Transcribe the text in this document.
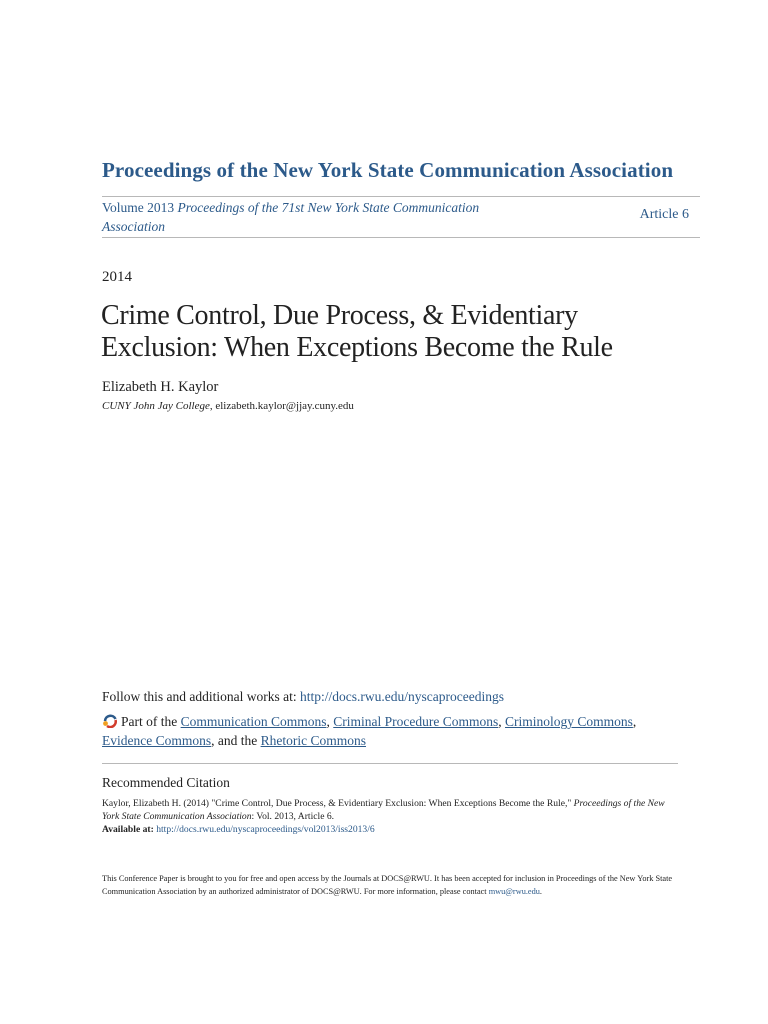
Proceedings of the New York State Communication Association
Volume 2013 Proceedings of the 71st New York State Communication Association
Article 6
2014
Crime Control, Due Process, & Evidentiary Exclusion: When Exceptions Become the Rule
Elizabeth H. Kaylor
CUNY John Jay College, elizabeth.kaylor@jjay.cuny.edu
Follow this and additional works at: http://docs.rwu.edu/nyscaproceedings
Part of the Communication Commons, Criminal Procedure Commons, Criminology Commons, Evidence Commons, and the Rhetoric Commons
Recommended Citation
Kaylor, Elizabeth H. (2014) "Crime Control, Due Process, & Evidentiary Exclusion: When Exceptions Become the Rule," Proceedings of the New York State Communication Association: Vol. 2013, Article 6.
Available at: http://docs.rwu.edu/nyscaproceedings/vol2013/iss2013/6
This Conference Paper is brought to you for free and open access by the Journals at DOCS@RWU. It has been accepted for inclusion in Proceedings of the New York State Communication Association by an authorized administrator of DOCS@RWU. For more information, please contact mwu@rwu.edu.
